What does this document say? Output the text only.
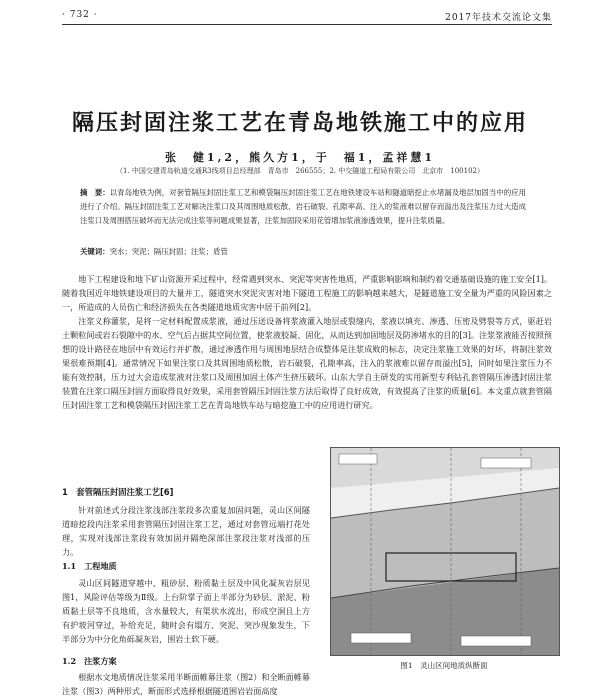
· 732 ·	2017年技术交流论文集
隔压封固注浆工艺在青岛地铁施工中的应用
张　健1,2，熊久方1，于　福1，孟祥慧1
（1. 中国交建青岛轨道交通R3线项目总经理部　青岛市　266555；2. 中交隧道工程局有限公司　北京市　100102）
摘　要：以青岛地铁为例，对套管隔压封固注浆工艺和模袋隔压封固注浆工艺在地铁建设车站和隧道暗挖止水堵漏及地层加固当中的应用进行了介绍。隔压封固注浆工艺对解决注浆口及其周围地质松散、岩石破裂、孔隙率高、注入的浆液难以留存而溢出及注浆压力过大造成注浆口及周围搭压破坏而无法完成注浆等问题成果显著，注浆加固段采用花管增加浆液渗透效果，提升注浆质量。
关键词：突水；突泥；隔压封固；注浆；盾管

地下工程建设和地下矿山资源开采过程中，经常遇到突水、突泥等突害性地质，严重影响影响和制约着交通基础设施的施工安全[1]。随着我国近年地铁建设项目的大量并工，隧道突水突泥灾害对地下隧道工程施工的影响越来越大，是隧道施工安全量为严重的风险因素之一，所造成的人员伤亡和经济损失在各类隧道地质灾害中居于前列[2]。

注浆义称灌浆，是将一定材料配置成浆液，通过压送设备将浆液灌入地层或裂缝内，浆液以填充、渗透、压密及劈裂等方式，驱赶岩土颗粒间或岩石裂隙中的水、空气后占据其空间位置，使浆液胶凝、固化，从而达到加固地层及防渗堵水的目的[3]。注浆浆液能否按照预想的设计路径在地层中有效运行并扩散，通过渗透作用与周围地层结合成整体是注浆成败的标志，决定注浆施工效果的好坏，将制注浆效果很难预期[4]。通常情况下如果注浆口及其周围地质松散，岩石破裂，孔隙率高，注入的浆液难以留存而溢出[5]，同时如果注浆压力不能有效控制，压力过大会造成浆液对注浆口及周围加固土体产生挤压破坏。山东大学自主研发的实用新型专利钻孔套管隔压渗透封固注浆装置在注浆口隔压封固方面取得良好效果，采用套管隔压封固注浆方法后取得了良好成效，有效提高了注浆的质量[6]。本文重点就套管隔压封固注浆工艺和模袋隔压封固注浆工艺在青岛地铁车站与暗挖施工中的应用进行研究。

1　套管隔压封固注浆工艺[6]

针对前述式分段注浆浅部注浆段多次重复加固问题，灵山区间隧道暗挖段内注浆采用套管隔压封固注浆工艺，通过对套管远端打花处理，实现对浅部注浆段有效加固并隔绝深部注浆段注浆对浅部的压力。

1.1　工程地质

灵山区间隧道穿越中、粗砂层、粉质黏土层及中风化凝灰岩层见图1，风险评估等级为Ⅱ级。上台阶掌子面上半部分为砂层、淤泥、粉质黏土层等不良地质，含水量较大，有渠状水流出，形成空洞且上方有护坡河穿过，补给充足，随时会有塌方、突泥、突沙现象发生，下半部分为中分化角砾凝灰岩，围岩土软下硬。

1.2　注浆方案

根据水文地质情况注浆采用半断面帷幕注浆（图2）和全断面帷幕注浆（图3）两种形式，断面形式选择根据隧道围岩岩面高度

图1　灵山区间地质纵断面
